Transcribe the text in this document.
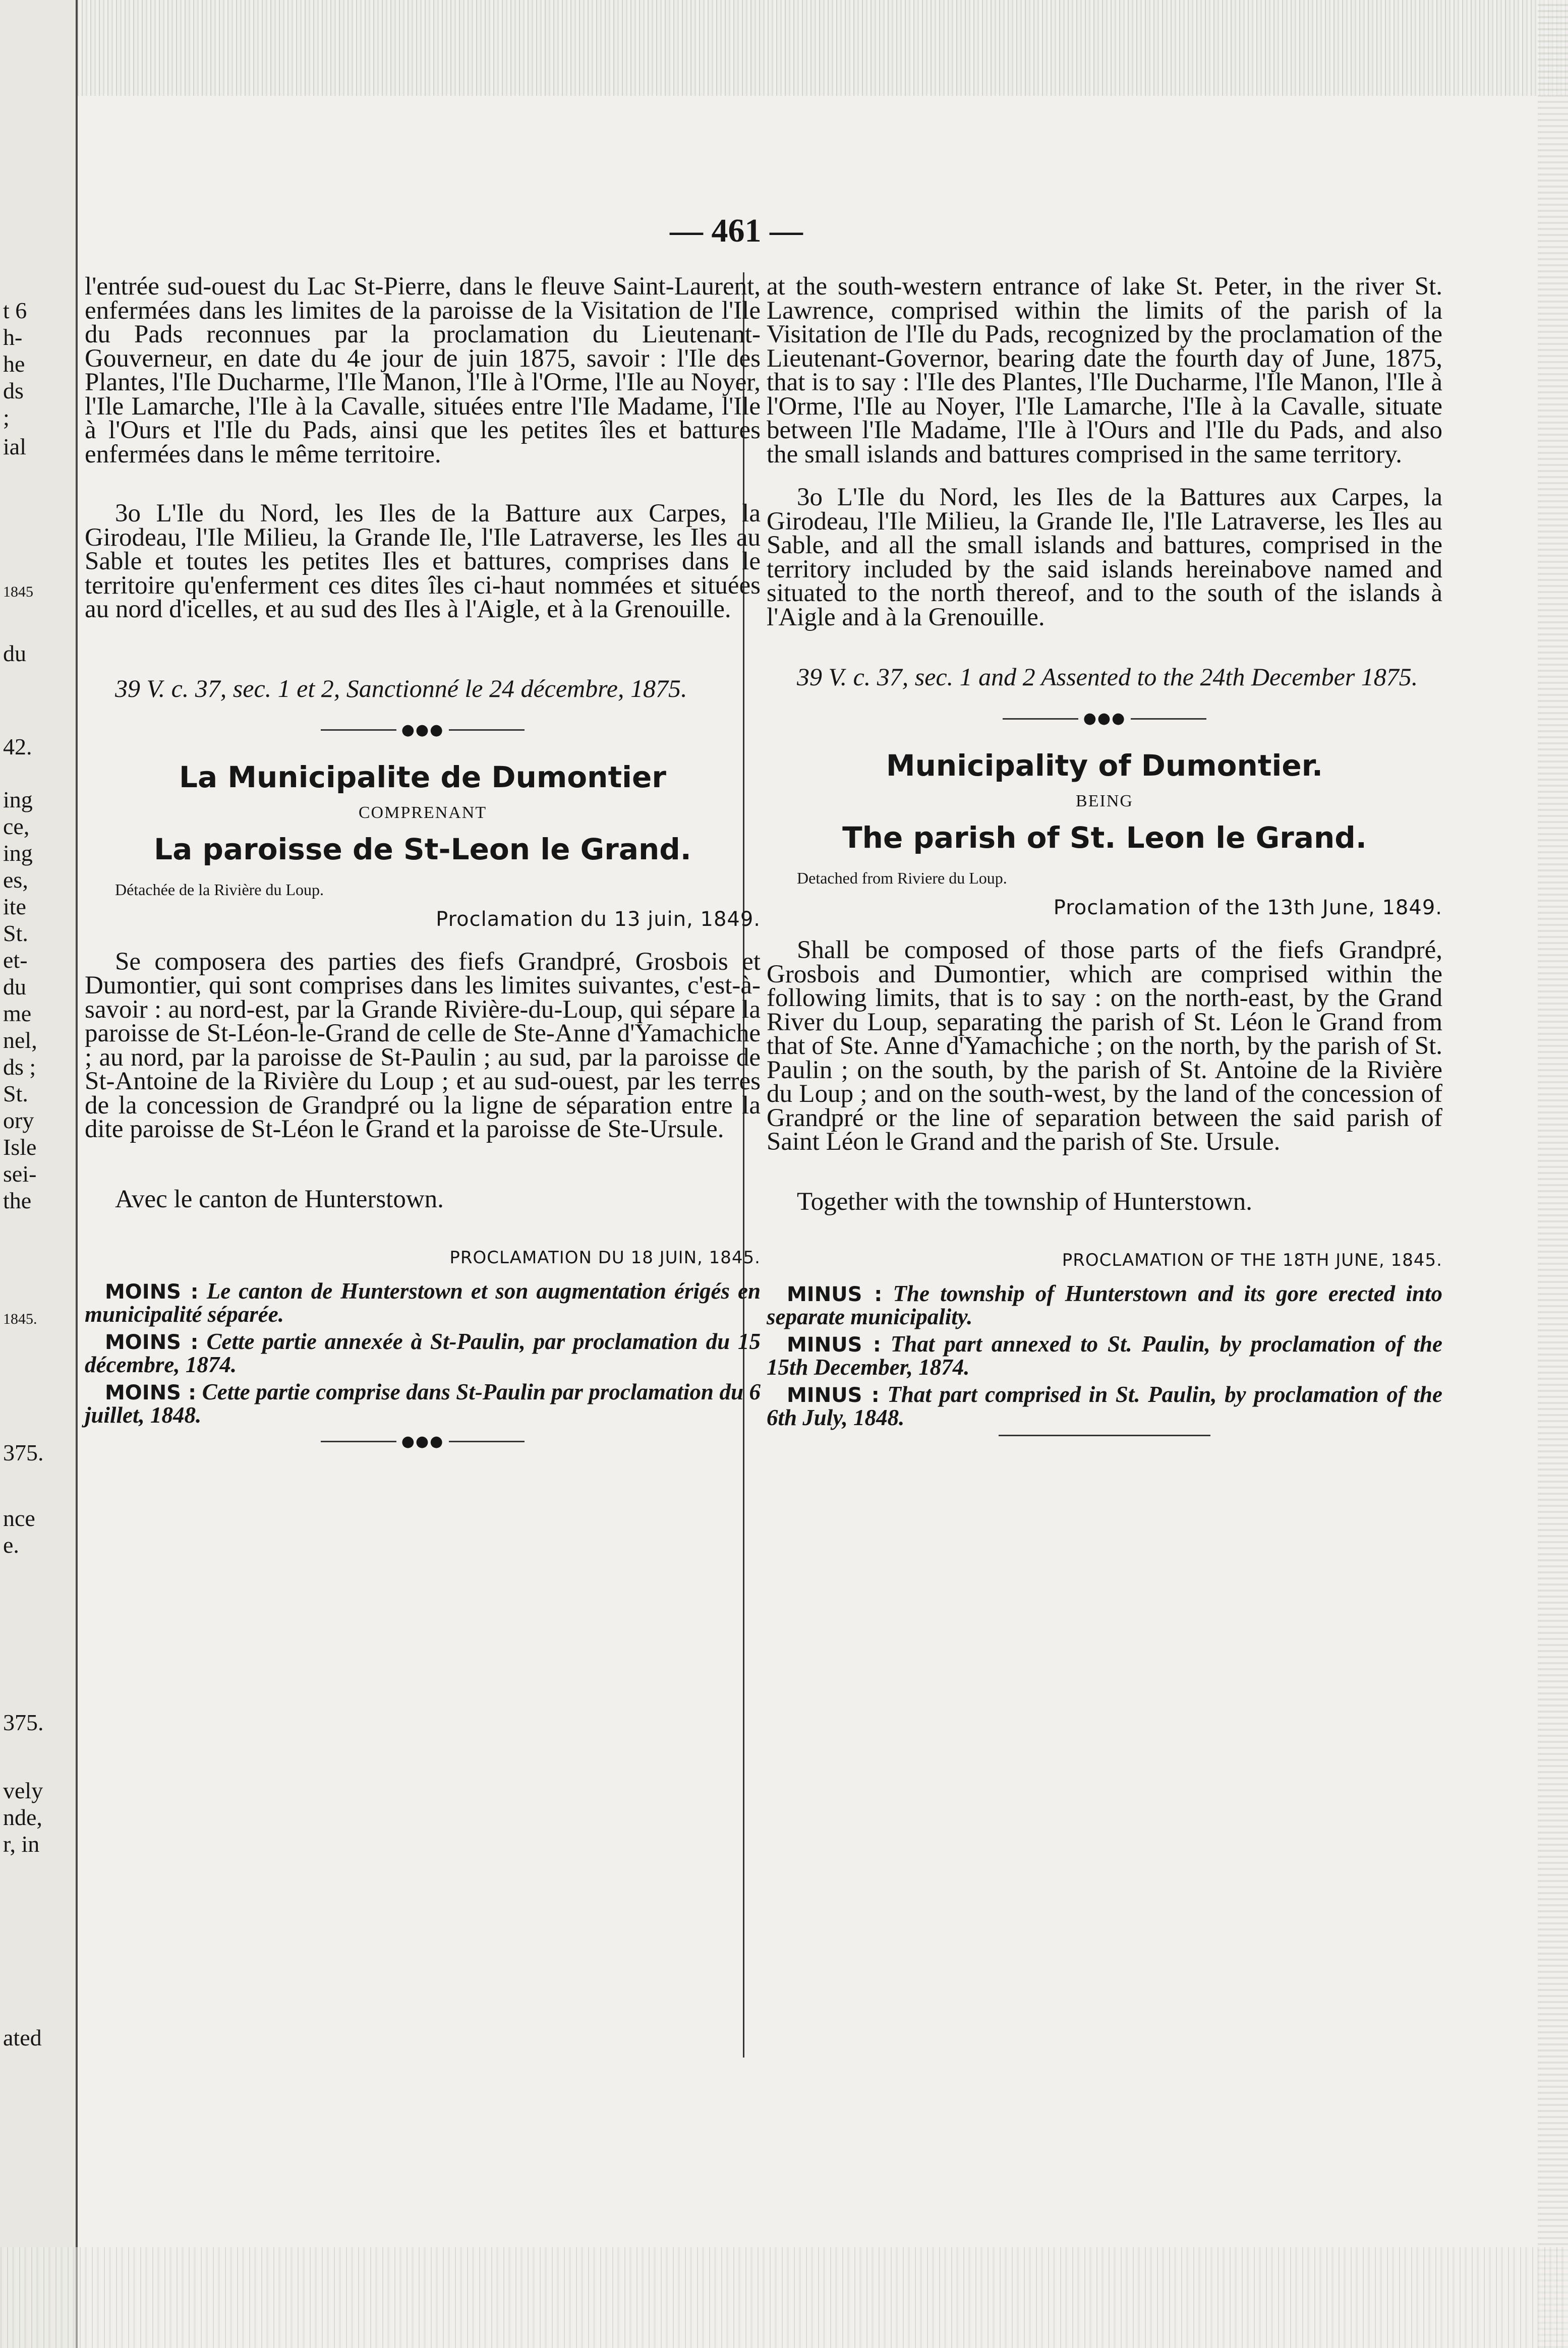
t 6
h-
he
ds
;
ial
1845
du
42.
ing
ce,
ing
es,
ite
St.
et-
du
me
nel,
ds ;
St.
ory
Isle
sei-
the
1845.
375.
nce
e.
375.
vely
nde,
r, in
ated
— 461 —

l'entrée sud-ouest du Lac St-Pierre, dans le fleuve Saint-Laurent, enfermées dans les limites de la paroisse de la Visitation de l'Ile du Pads reconnues par la proclamation du Lieutenant-Gouverneur, en date du 4e jour de juin 1875, savoir : l'Ile des Plantes, l'Ile Ducharme, l'Ile Manon, l'Ile à l'Orme, l'Ile au Noyer, l'Ile Lamarche, l'Ile à la Cavalle, situées entre l'Ile Madame, l'Ile à l'Ours et l'Ile du Pads, ainsi que les petites îles et battures enfermées dans le même territoire.

3o L'Ile du Nord, les Iles de la Batture aux Carpes, la Girodeau, l'Ile Milieu, la Grande Ile, l'Ile Latraverse, les Iles au Sable et toutes les petites Iles et battures, comprises dans le territoire qu'enferment ces dites îles ci-haut nommées et situées au nord d'icelles, et au sud des Iles à l'Aigle, et à la Grenouille.

39 V. c. 37, sec. 1 et 2, Sanctionné le 24 décembre, 1875.

●●●

La Municipalite de Dumontier

COMPRENANT

La paroisse de St-Leon le Grand.

Détachée de la Rivière du Loup.

Proclamation du 13 juin, 1849.

Se composera des parties des fiefs Grandpré, Grosbois et Dumontier, qui sont comprises dans les limites suivantes, c'est-à-savoir : au nord-est, par la Grande Rivière-du-Loup, qui sépare la paroisse de St-Léon-le-Grand de celle de Ste-Anne d'Yamachiche ; au nord, par la paroisse de St-Paulin ; au sud, par la paroisse de St-Antoine de la Rivière du Loup ; et au sud-ouest, par les terres de la concession de Grandpré ou la ligne de séparation entre la dite paroisse de St-Léon le Grand et la paroisse de Ste-Ursule.

Avec le canton de Hunterstown.

PROCLAMATION DU 18 JUIN, 1845.

MOINS : Le canton de Hunterstown et son augmentation érigés en municipalité séparée.

MOINS : Cette partie annexée à St-Paulin, par proclamation du 15 décembre, 1874.

MOINS : Cette partie comprise dans St-Paulin par proclamation du 6 juillet, 1848.

●●●

at the south-western entrance of lake St. Peter, in the river St. Lawrence, comprised within the limits of the parish of la Visitation de l'Ile du Pads, recognized by the proclamation of the Lieutenant-Governor, bearing date the fourth day of June, 1875, that is to say : l'Ile des Plantes, l'Ile Ducharme, l'Ile Manon, l'Ile à l'Orme, l'Ile au Noyer, l'Ile Lamarche, l'Ile à la Cavalle, situate between l'Ile Madame, l'Ile à l'Ours and l'Ile du Pads, and also the small islands and battures comprised in the same territory.

3o L'Ile du Nord, les Iles de la Battures aux Carpes, la Girodeau, l'Ile Milieu, la Grande Ile, l'Ile Latraverse, les Iles au Sable, and all the small islands and battures, comprised in the territory included by the said islands hereinabove named and situated to the north thereof, and to the south of the islands à l'Aigle and à la Grenouille.

39 V. c. 37, sec. 1 and 2 Assented to the 24th December 1875.

●●●

Municipality of Dumontier.

BEING

The parish of St. Leon le Grand.

Detached from Riviere du Loup.

Proclamation of the 13th June, 1849.

Shall be composed of those parts of the fiefs Grandpré, Grosbois and Dumontier, which are comprised within the following limits, that is to say : on the north-east, by the Grand River du Loup, separating the parish of St. Léon le Grand from that of Ste. Anne d'Yamachiche ; on the north, by the parish of St. Paulin ; on the south, by the parish of St. Antoine de la Rivière du Loup ; and on the south-west, by the land of the concession of Grandpré or the line of separation between the said parish of Saint Léon le Grand and the parish of Ste. Ursule.

Together with the township of Hunterstown.

PROCLAMATION OF THE 18TH JUNE, 1845.

MINUS : The township of Hunterstown and its gore erected into separate municipality.

MINUS : That part annexed to St. Paulin, by proclamation of the 15th December, 1874.

MINUS : That part comprised in St. Paulin, by proclamation of the 6th July, 1848.
